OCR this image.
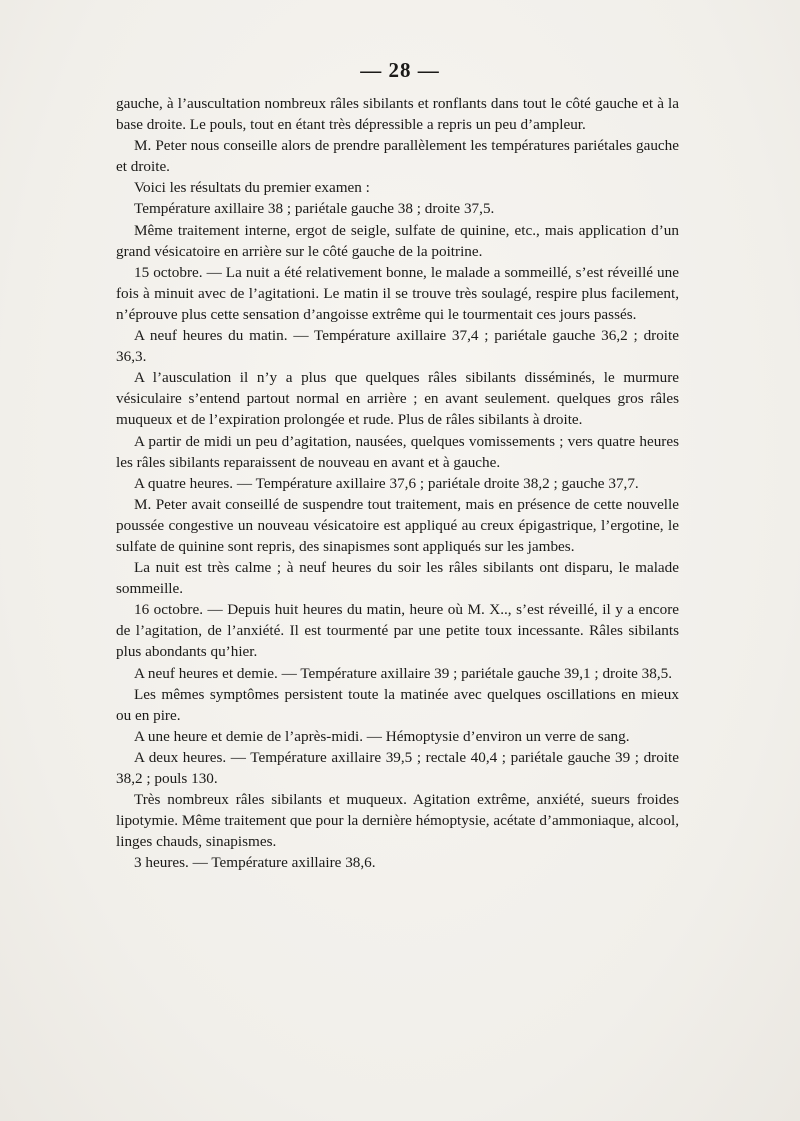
— 28 —

gauche, à l’auscultation nombreux râles sibilants et ronflants dans tout le côté gauche et à la base droite. Le pouls, tout en étant très dépressible a repris un peu d’ampleur.

M. Peter nous conseille alors de prendre parallèlement les températures pariétales gauche et droite.

Voici les résultats du premier examen :

Température axillaire 38 ; pariétale gauche 38 ; droite 37,5.

Même traitement interne, ergot de seigle, sulfate de quinine, etc., mais application d’un grand vésicatoire en arrière sur le côté gauche de la poitrine.

15 octobre. — La nuit a été relativement bonne, le malade a sommeillé, s’est réveillé une fois à minuit avec de l’agitationi. Le matin il se trouve très soulagé, respire plus facilement, n’éprouve plus cette sensation d’angoisse extrême qui le tourmentait ces jours passés.

A neuf heures du matin. — Température axillaire 37,4 ; pariétale gauche 36,2 ; droite 36,3.

A l’ausculation il n’y a plus que quelques râles sibilants disséminés, le murmure vésiculaire s’entend partout normal en arrière ; en avant seulement. quelques gros râles muqueux et de l’expiration prolongée et rude. Plus de râles sibilants à droite.

A partir de midi un peu d’agitation, nausées, quelques vomissements ; vers quatre heures les râles sibilants reparaissent de nouveau en avant et à gauche.

A quatre heures. — Température axillaire 37,6 ; pariétale droite 38,2 ; gauche 37,7.

M. Peter avait conseillé de suspendre tout traitement, mais en présence de cette nouvelle poussée congestive un nouveau vésicatoire est appliqué au creux épigastrique, l’ergotine, le sulfate de quinine sont repris, des sinapismes sont appliqués sur les jambes.

La nuit est très calme ; à neuf heures du soir les râles sibilants ont disparu, le malade sommeille.

16 octobre. — Depuis huit heures du matin, heure où M. X.., s’est réveillé, il y a encore de l’agitation, de l’anxiété. Il est tourmenté par une petite toux incessante. Râles sibilants plus abondants qu’hier.

A neuf heures et demie. — Température axillaire 39 ; pariétale gauche 39,1 ; droite 38,5.

Les mêmes symptômes persistent toute la matinée avec quelques oscillations en mieux ou en pire.

A une heure et demie de l’après-midi. — Hémoptysie d’environ un verre de sang.

A deux heures. — Température axillaire 39,5 ; rectale 40,4 ; pariétale gauche 39 ; droite 38,2 ; pouls 130.

Très nombreux râles sibilants et muqueux. Agitation extrême, anxiété, sueurs froides lipotymie. Même traitement que pour la dernière hémoptysie, acétate d’ammoniaque, alcool, linges chauds, sinapismes.

3 heures. — Température axillaire 38,6.
